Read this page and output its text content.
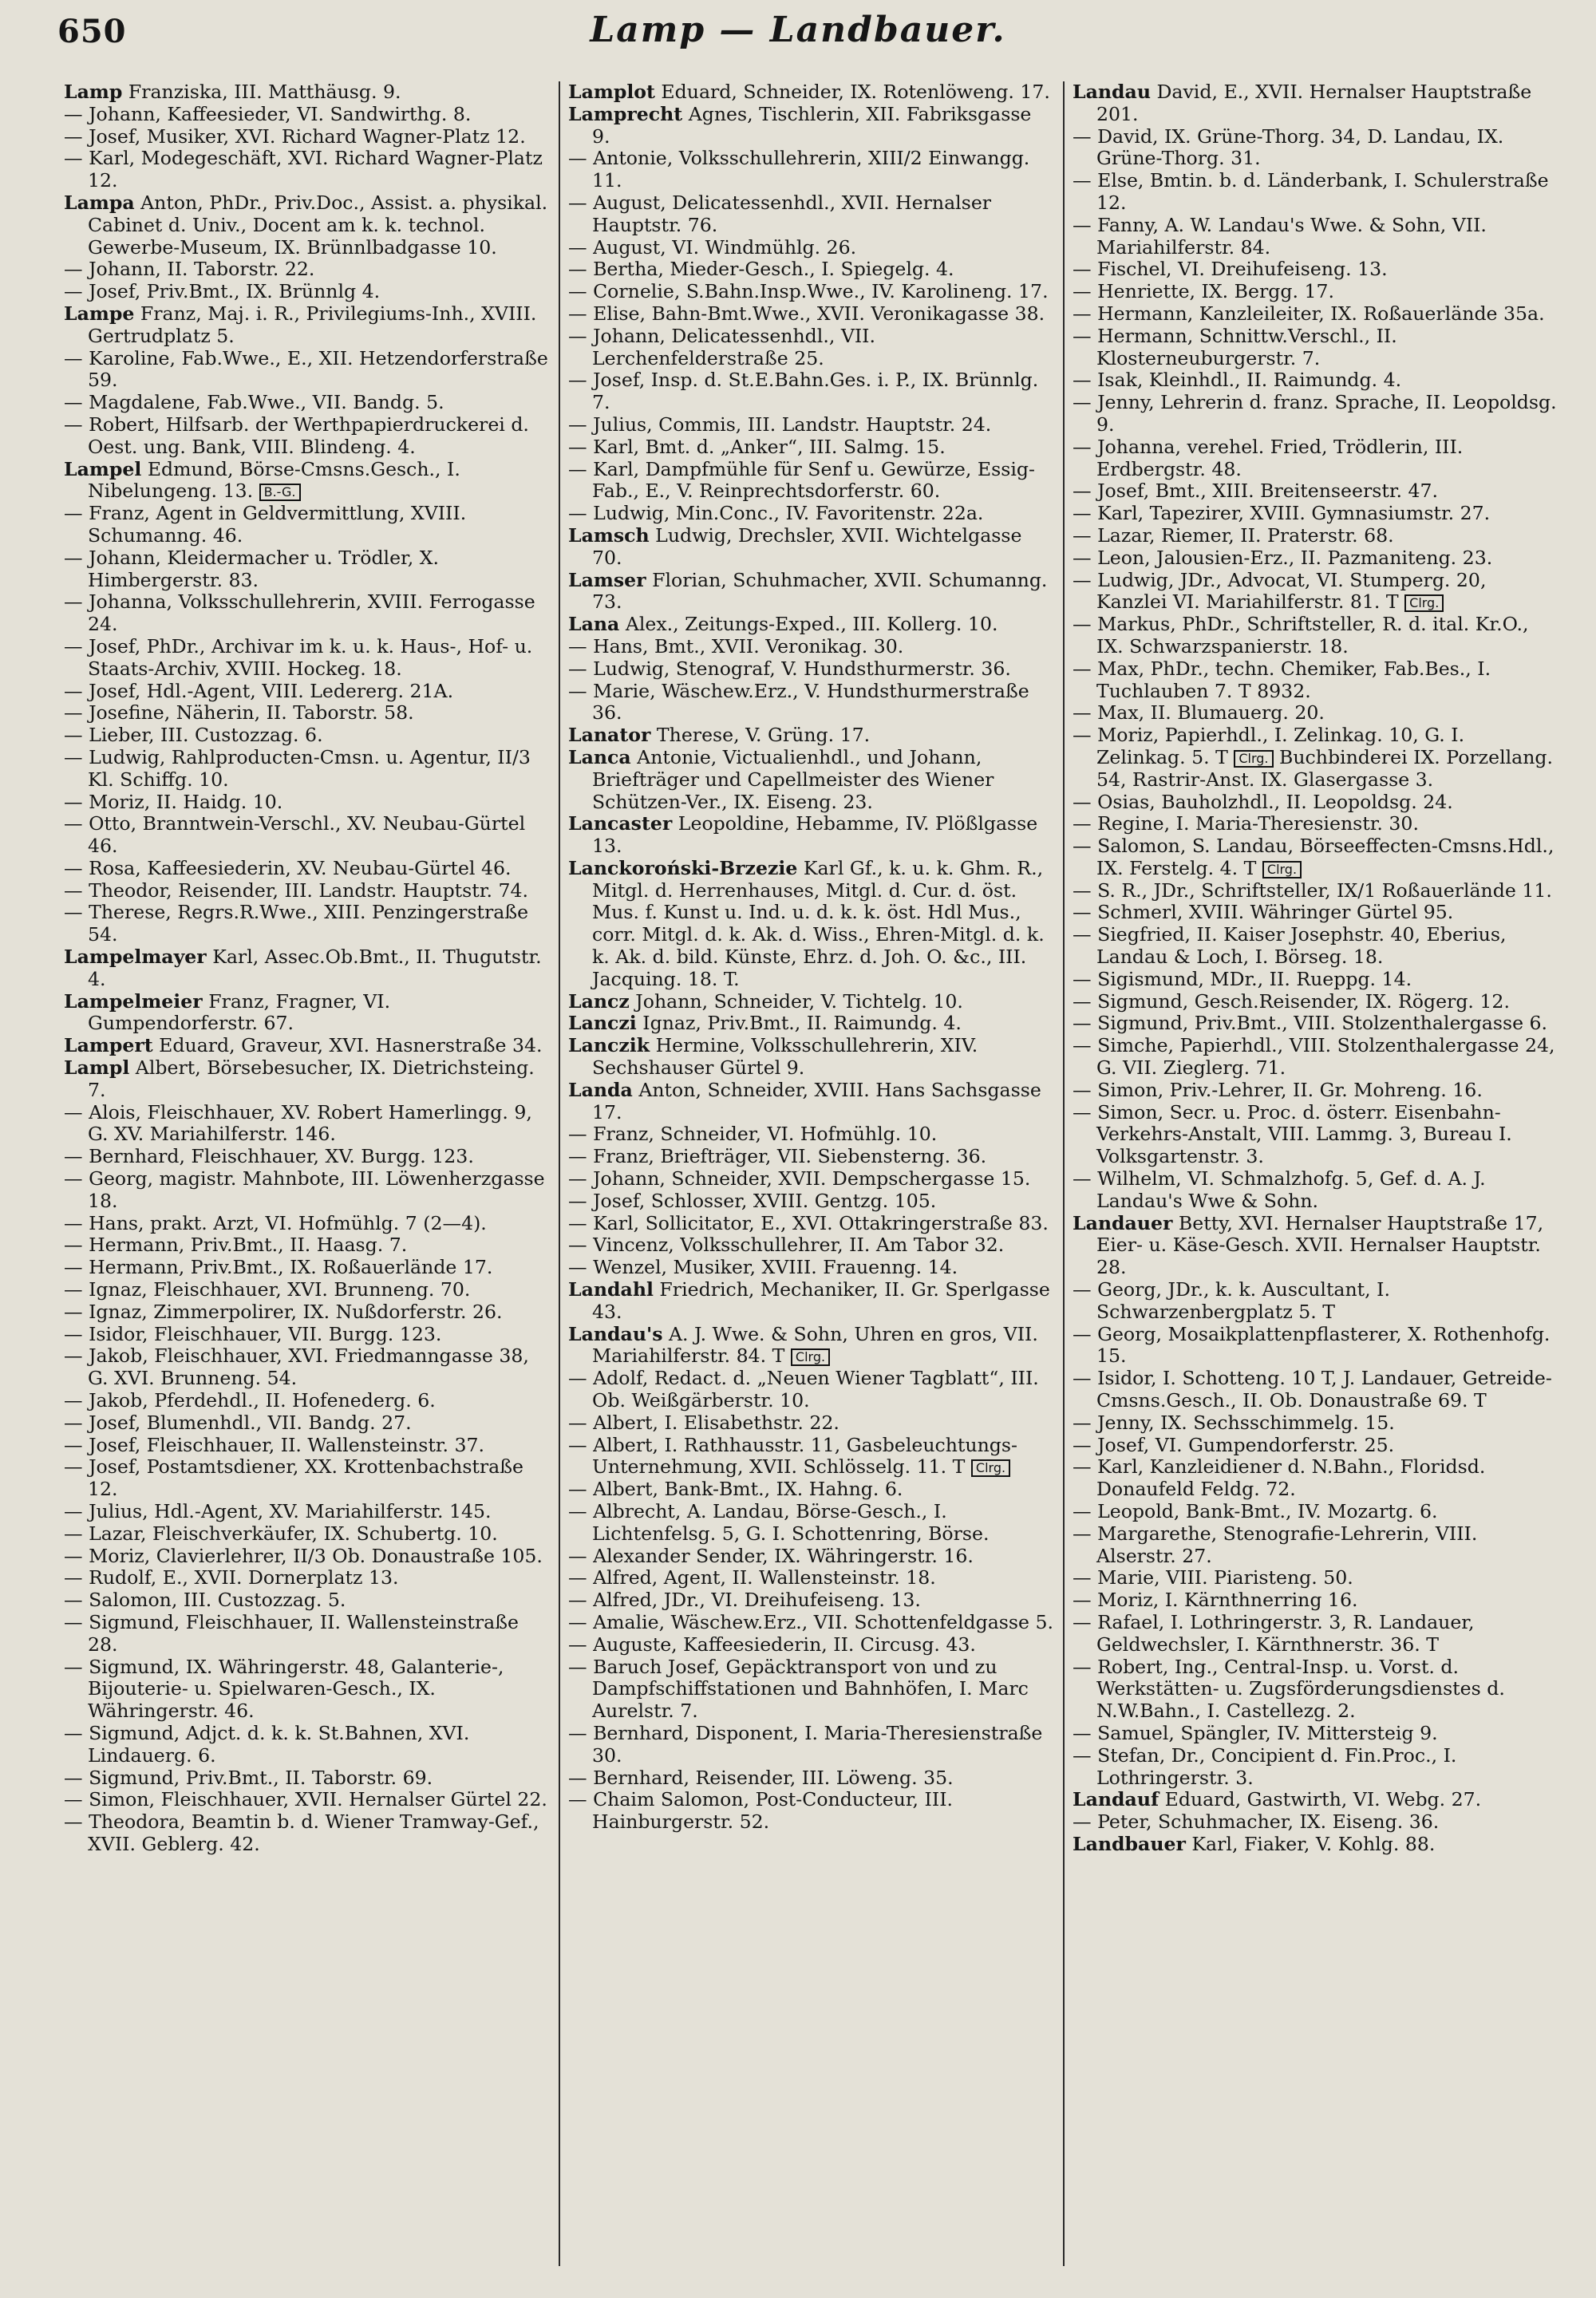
650	Lamp — Landbauer.
Lamp Franziska, III. Matthäusg. 9.
— Johann, Kaffeesieder, VI. Sandwirthg. 8.
— Josef, Musiker, XVI. Richard Wagner-Platz 12.
— Karl, Modegeschäft, XVI. Richard Wagner-Platz 12.
Lampa Anton, PhDr., Priv.Doc., Assist. a. physikal. Cabinet d. Univ., Docent am k. k. technol. Gewerbe-Museum, IX. Brünnlbadgasse 10.
— Johann, II. Taborstr. 22.
— Josef, Priv.Bmt., IX. Brünnlg 4.
Lampe Franz, Maj. i. R., Privilegiums-Inh., XVIII. Gertrudplatz 5.
— Karoline, Fab.Wwe., E., XII. Hetzendorferstraße 59.
— Magdalene, Fab.Wwe., VII. Bandg. 5.
— Robert, Hilfsarb. der Werthpapierdruckerei d. Oest. ung. Bank, VIII. Blindeng. 4.
Lampel Edmund, Börse-Cmsns.Gesch., I. Nibelungeng. 13. B.-G.
— Franz, Agent in Geldvermittlung, XVIII. Schumanng. 46.
— Johann, Kleidermacher u. Trödler, X. Himbergerstr. 83.
— Johanna, Volksschullehrerin, XVIII. Ferrogasse 24.
— Josef, PhDr., Archivar im k. u. k. Haus-, Hof- u. Staats-Archiv, XVIII. Hockeg. 18.
— Josef, Hdl.-Agent, VIII. Ledererg. 21A.
— Josefine, Näherin, II. Taborstr. 58.
— Lieber, III. Custozzag. 6.
— Ludwig, Rahlproducten-Cmsn. u. Agentur, II/3 Kl. Schiffg. 10.
— Moriz, II. Haidg. 10.
— Otto, Branntwein-Verschl., XV. Neubau-Gürtel 46.
— Rosa, Kaffeesiederin, XV. Neubau-Gürtel 46.
— Theodor, Reisender, III. Landstr. Hauptstr. 74.
— Therese, Regrs.R.Wwe., XIII. Penzingerstraße 54.
Lampelmayer Karl, Assec.Ob.Bmt., II. Thugutstr. 4.
Lampelmeier Franz, Fragner, VI. Gumpendorferstr. 67.
Lampert Eduard, Graveur, XVI. Hasnerstraße 34.
Lampl Albert, Börsebesucher, IX. Dietrichsteing. 7.
— Alois, Fleischhauer, XV. Robert Hamerlingg. 9, G. XV. Mariahilferstr. 146.
— Bernhard, Fleischhauer, XV. Burgg. 123.
— Georg, magistr. Mahnbote, III. Löwenherzgasse 18.
— Hans, prakt. Arzt, VI. Hofmühlg. 7 (2—4).
— Hermann, Priv.Bmt., II. Haasg. 7.
— Hermann, Priv.Bmt., IX. Roßauerlände 17.
— Ignaz, Fleischhauer, XVI. Brunneng. 70.
— Ignaz, Zimmerpolirer, IX. Nußdorferstr. 26.
— Isidor, Fleischhauer, VII. Burgg. 123.
— Jakob, Fleischhauer, XVI. Friedmanngasse 38, G. XVI. Brunneng. 54.
— Jakob, Pferdehdl., II. Hofenederg. 6.
— Josef, Blumenhdl., VII. Bandg. 27.
— Josef, Fleischhauer, II. Wallensteinstr. 37.
— Josef, Postamtsdiener, XX. Krottenbachstraße 12.
— Julius, Hdl.-Agent, XV. Mariahilferstr. 145.
— Lazar, Fleischverkäufer, IX. Schubertg. 10.
— Moriz, Clavierlehrer, II/3 Ob. Donaustraße 105.
— Rudolf, E., XVII. Dornerplatz 13.
— Salomon, III. Custozzag. 5.
— Sigmund, Fleischhauer, II. Wallensteinstraße 28.
— Sigmund, IX. Währingerstr. 48, Galanterie-, Bijouterie- u. Spielwaren-Gesch., IX. Währingerstr. 46.
— Sigmund, Adjct. d. k. k. St.Bahnen, XVI. Lindauerg. 6.
— Sigmund, Priv.Bmt., II. Taborstr. 69.
— Simon, Fleischhauer, XVII. Hernalser Gürtel 22.
— Theodora, Beamtin b. d. Wiener Tramway-Gef., XVII. Geblerg. 42.
Lamplot Eduard, Schneider, IX. Rotenlöweng. 17.
Lamprecht Agnes, Tischlerin, XII. Fabriksgasse 9.
— Antonie, Volksschullehrerin, XIII/2 Einwangg. 11.
— August, Delicatessenhdl., XVII. Hernalser Hauptstr. 76.
— August, VI. Windmühlg. 26.
— Bertha, Mieder-Gesch., I. Spiegelg. 4.
— Cornelie, S.Bahn.Insp.Wwe., IV. Karolineng. 17.
— Elise, Bahn-Bmt.Wwe., XVII. Veronikagasse 38.
— Johann, Delicatessenhdl., VII. Lerchenfelderstraße 25.
— Josef, Insp. d. St.E.Bahn.Ges. i. P., IX. Brünnlg. 7.
— Julius, Commis, III. Landstr. Hauptstr. 24.
— Karl, Bmt. d. „Anker“, III. Salmg. 15.
— Karl, Dampfmühle für Senf u. Gewürze, Essig-Fab., E., V. Reinprechtsdorferstr. 60.
— Ludwig, Min.Conc., IV. Favoritenstr. 22a.
Lamsch Ludwig, Drechsler, XVII. Wichtelgasse 70.
Lamser Florian, Schuhmacher, XVII. Schumanng. 73.
Lana Alex., Zeitungs-Exped., III. Kollerg. 10.
— Hans, Bmt., XVII. Veronikag. 30.
— Ludwig, Stenograf, V. Hundsthurmerstr. 36.
— Marie, Wäschew.Erz., V. Hundsthurmerstraße 36.
Lanator Therese, V. Grüng. 17.
Lanca Antonie, Victualienhdl., und Johann, Briefträger und Capellmeister des Wiener Schützen-Ver., IX. Eiseng. 23.
Lancaster Leopoldine, Hebamme, IV. Plößlgasse 13.
Lanckoroński-Brzezie Karl Gf., k. u. k. Ghm. R., Mitgl. d. Herrenhauses, Mitgl. d. Cur. d. öst. Mus. f. Kunst u. Ind. u. d. k. k. öst. Hdl Mus., corr. Mitgl. d. k. Ak. d. Wiss., Ehren-Mitgl. d. k. k. Ak. d. bild. Künste, Ehrz. d. Joh. O. &c., III. Jacquing. 18. T.
Lancz Johann, Schneider, V. Tichtelg. 10.
Lanczi Ignaz, Priv.Bmt., II. Raimundg. 4.
Lanczik Hermine, Volksschullehrerin, XIV. Sechshauser Gürtel 9.
Landa Anton, Schneider, XVIII. Hans Sachsgasse 17.
— Franz, Schneider, VI. Hofmühlg. 10.
— Franz, Briefträger, VII. Siebensterng. 36.
— Johann, Schneider, XVII. Dempschergasse 15.
— Josef, Schlosser, XVIII. Gentzg. 105.
— Karl, Sollicitator, E., XVI. Ottakringerstraße 83.
— Vincenz, Volksschullehrer, II. Am Tabor 32.
— Wenzel, Musiker, XVIII. Frauenng. 14.
Landahl Friedrich, Mechaniker, II. Gr. Sperlgasse 43.
Landau's A. J. Wwe. & Sohn, Uhren en gros, VII. Mariahilferstr. 84. T Clrg.
— Adolf, Redact. d. „Neuen Wiener Tagblatt“, III. Ob. Weißgärberstr. 10.
— Albert, I. Elisabethstr. 22.
— Albert, I. Rathhausstr. 11, Gasbeleuchtungs-Unternehmung, XVII. Schlösselg. 11. T Clrg.
— Albert, Bank-Bmt., IX. Hahng. 6.
— Albrecht, A. Landau, Börse-Gesch., I. Lichtenfelsg. 5, G. I. Schottenring, Börse.
— Alexander Sender, IX. Währingerstr. 16.
— Alfred, Agent, II. Wallensteinstr. 18.
— Alfred, JDr., VI. Dreihufeiseng. 13.
— Amalie, Wäschew.Erz., VII. Schottenfeldgasse 5.
— Auguste, Kaffeesiederin, II. Circusg. 43.
— Baruch Josef, Gepäcktransport von und zu Dampfschiffstationen und Bahnhöfen, I. Marc Aurelstr. 7.
— Bernhard, Disponent, I. Maria-Theresienstraße 30.
— Bernhard, Reisender, III. Löweng. 35.
— Chaim Salomon, Post-Conducteur, III. Hainburgerstr. 52.
Landau David, E., XVII. Hernalser Hauptstraße 201.
— David, IX. Grüne-Thorg. 34, D. Landau, IX. Grüne-Thorg. 31.
— Else, Bmtin. b. d. Länderbank, I. Schulerstraße 12.
— Fanny, A. W. Landau's Wwe. & Sohn, VII. Mariahilferstr. 84.
— Fischel, VI. Dreihufeiseng. 13.
— Henriette, IX. Bergg. 17.
— Hermann, Kanzleileiter, IX. Roßauerlände 35a.
— Hermann, Schnittw.Verschl., II. Klosterneuburgerstr. 7.
— Isak, Kleinhdl., II. Raimundg. 4.
— Jenny, Lehrerin d. franz. Sprache, II. Leopoldsg. 9.
— Johanna, verehel. Fried, Trödlerin, III. Erdbergstr. 48.
— Josef, Bmt., XIII. Breitenseerstr. 47.
— Karl, Tapezirer, XVIII. Gymnasiumstr. 27.
— Lazar, Riemer, II. Praterstr. 68.
— Leon, Jalousien-Erz., II. Pazmaniteng. 23.
— Ludwig, JDr., Advocat, VI. Stumperg. 20, Kanzlei VI. Mariahilferstr. 81. T Clrg.
— Markus, PhDr., Schriftsteller, R. d. ital. Kr.O., IX. Schwarzspanierstr. 18.
— Max, PhDr., techn. Chemiker, Fab.Bes., I. Tuchlauben 7. T 8932.
— Max, II. Blumauerg. 20.
— Moriz, Papierhdl., I. Zelinkag. 10, G. I. Zelinkag. 5. T Clrg. Buchbinderei IX. Porzellang. 54, Rastrir-Anst. IX. Glasergasse 3.
— Osias, Bauholzhdl., II. Leopoldsg. 24.
— Regine, I. Maria-Theresienstr. 30.
— Salomon, S. Landau, Börseeffecten-Cmsns.Hdl., IX. Ferstelg. 4. T Clrg.
— S. R., JDr., Schriftsteller, IX/1 Roßauerlände 11.
— Schmerl, XVIII. Währinger Gürtel 95.
— Siegfried, II. Kaiser Josephstr. 40, Eberius, Landau & Loch, I. Börseg. 18.
— Sigismund, MDr., II. Rueppg. 14.
— Sigmund, Gesch.Reisender, IX. Rögerg. 12.
— Sigmund, Priv.Bmt., VIII. Stolzenthalergasse 6.
— Simche, Papierhdl., VIII. Stolzenthalergasse 24, G. VII. Zieglerg. 71.
— Simon, Priv.-Lehrer, II. Gr. Mohreng. 16.
— Simon, Secr. u. Proc. d. österr. Eisenbahn-Verkehrs-Anstalt, VIII. Lammg. 3, Bureau I. Volksgartenstr. 3.
— Wilhelm, VI. Schmalzhofg. 5, Gef. d. A. J. Landau's Wwe & Sohn.
Landauer Betty, XVI. Hernalser Hauptstraße 17, Eier- u. Käse-Gesch. XVII. Hernalser Hauptstr. 28.
— Georg, JDr., k. k. Auscultant, I. Schwarzenbergplatz 5. T
— Georg, Mosaikplattenpflasterer, X. Rothenhofg. 15.
— Isidor, I. Schotteng. 10 T, J. Landauer, Getreide-Cmsns.Gesch., II. Ob. Donaustraße 69. T
— Jenny, IX. Sechsschimmelg. 15.
— Josef, VI. Gumpendorferstr. 25.
— Karl, Kanzleidiener d. N.Bahn., Floridsd. Donaufeld Feldg. 72.
— Leopold, Bank-Bmt., IV. Mozartg. 6.
— Margarethe, Stenografie-Lehrerin, VIII. Alserstr. 27.
— Marie, VIII. Piaristeng. 50.
— Moriz, I. Kärnthnerring 16.
— Rafael, I. Lothringerstr. 3, R. Landauer, Geldwechsler, I. Kärnthnerstr. 36. T
— Robert, Ing., Central-Insp. u. Vorst. d. Werkstätten- u. Zugsförderungsdienstes d. N.W.Bahn., I. Castellezg. 2.
— Samuel, Spängler, IV. Mittersteig 9.
— Stefan, Dr., Concipient d. Fin.Proc., I. Lothringerstr. 3.
Landauf Eduard, Gastwirth, VI. Webg. 27.
— Peter, Schuhmacher, IX. Eiseng. 36.
Landbauer Karl, Fiaker, V. Kohlg. 88.
